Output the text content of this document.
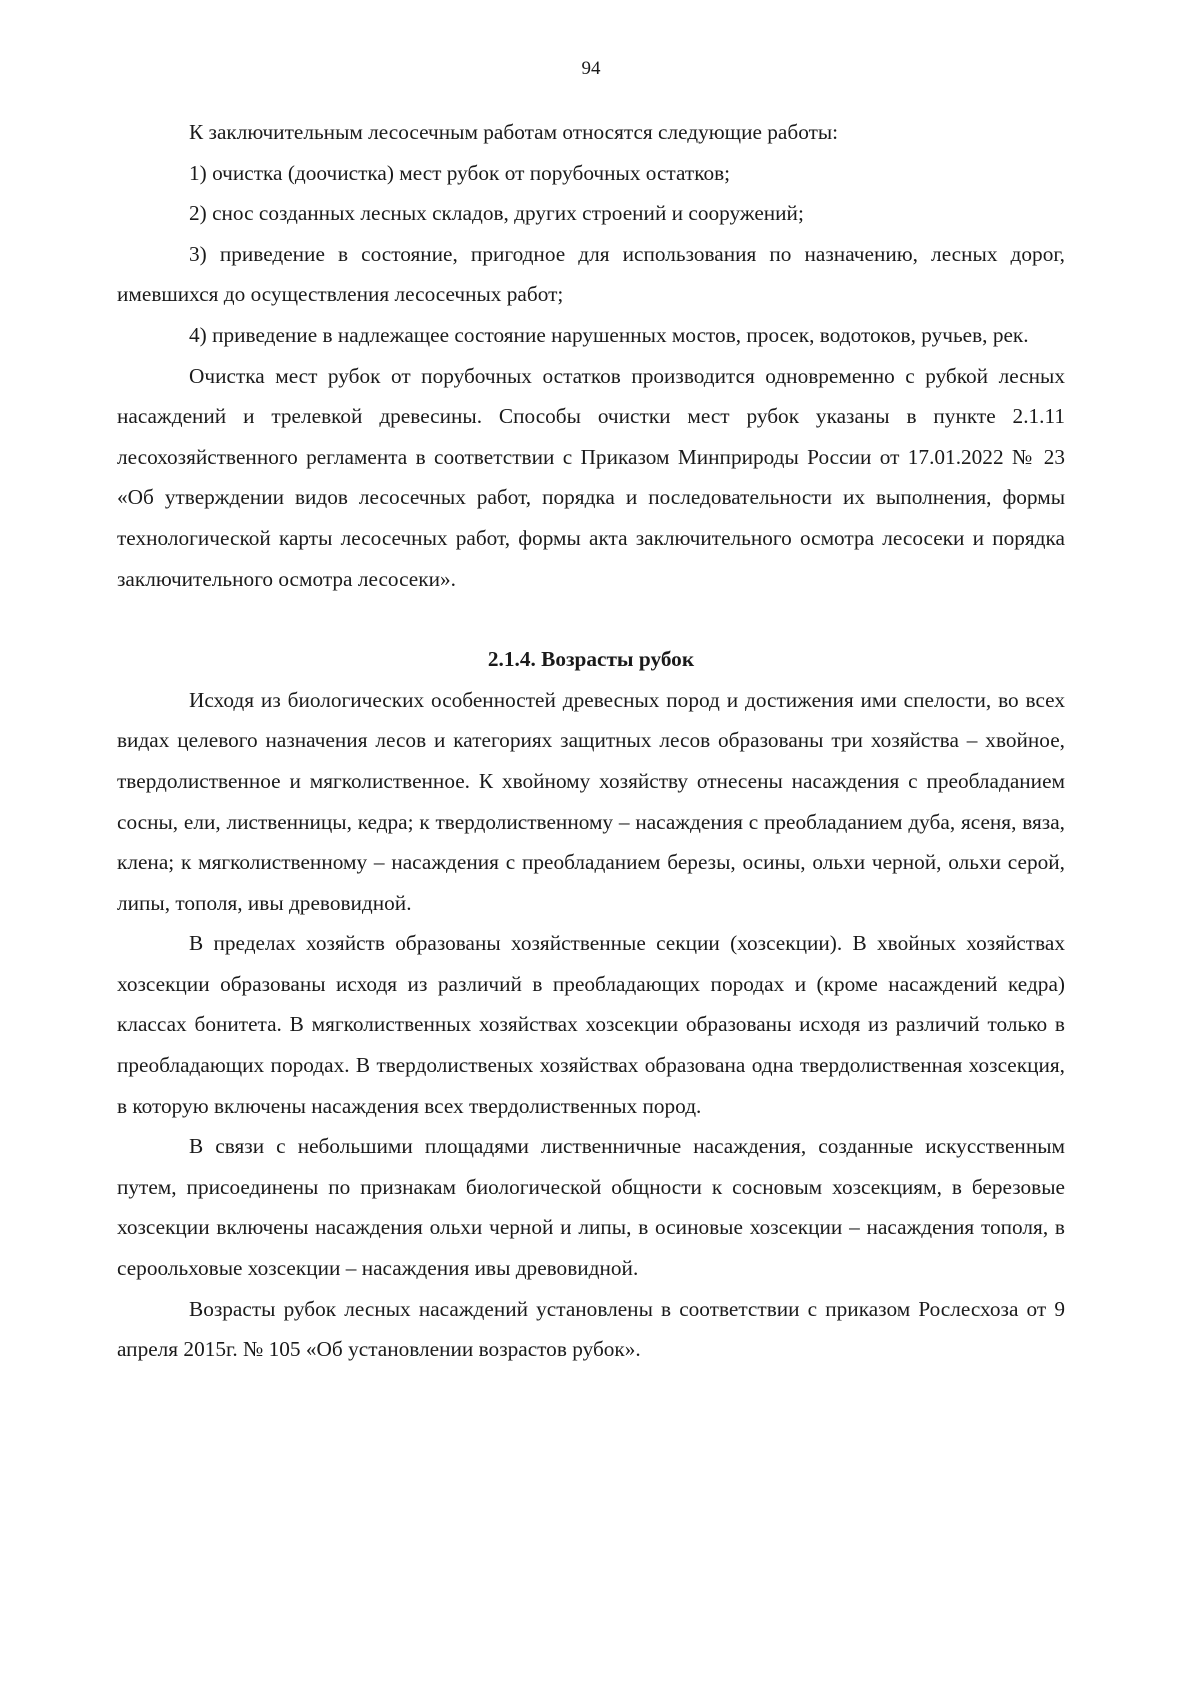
94

К заключительным лесосечным работам относятся следующие работы:

1) очистка (доочистка) мест рубок от порубочных остатков;

2) снос созданных лесных складов, других строений и сооружений;

3) приведение в состояние, пригодное для использования по назначению, лесных дорог, имевшихся до осуществления лесосечных работ;

4) приведение в надлежащее состояние нарушенных мостов, просек, водотоков, ручьев, рек.

Очистка мест рубок от порубочных остатков производится одновременно с рубкой лесных насаждений и трелевкой древесины. Способы очистки мест рубок указаны в пункте 2.1.11 лесохозяйственного регламента в соответствии с Приказом Минприроды России от 17.01.2022 № 23 «Об утверждении видов лесосечных работ, порядка и последовательности их выполнения, формы технологической карты лесосечных работ, формы акта заключительного осмотра лесосеки и порядка заключительного осмотра лесосеки».

2.1.4. Возрасты рубок

Исходя из биологических особенностей древесных пород и достижения ими спелости, во всех видах целевого назначения лесов и категориях защитных лесов образованы три хозяйства – хвойное, твердолиственное и мягколиственное. К хвойному хозяйству отнесены насаждения с преобладанием сосны, ели, лиственницы, кедра; к твердолиственному – насаждения с преобладанием дуба, ясеня, вяза, клена; к мягколиственному – насаждения с преобладанием березы, осины, ольхи черной, ольхи серой, липы, тополя, ивы древовидной.

В пределах хозяйств образованы хозяйственные секции (хозсекции). В хвойных хозяйствах хозсекции образованы исходя из различий в преобладающих породах и (кроме насаждений кедра) классах бонитета. В мягколиственных хозяйствах хозсекции образованы исходя из различий только в преобладающих породах. В твердолиственых хозяйствах образована одна твердолиственная хозсекция, в которую включены насаждения всех твердолиственных пород.

В связи с небольшими площадями лиственничные насаждения, созданные искусственным путем, присоединены по признакам биологической общности к сосновым хозсекциям, в березовые хозсекции включены насаждения ольхи черной и липы, в осиновые хозсекции – насаждения тополя, в сероольховые хозсекции – насаждения ивы древовидной.

Возрасты рубок лесных насаждений установлены в соответствии с приказом Рослесхоза от 9 апреля 2015г. № 105 «Об установлении возрастов рубок».
